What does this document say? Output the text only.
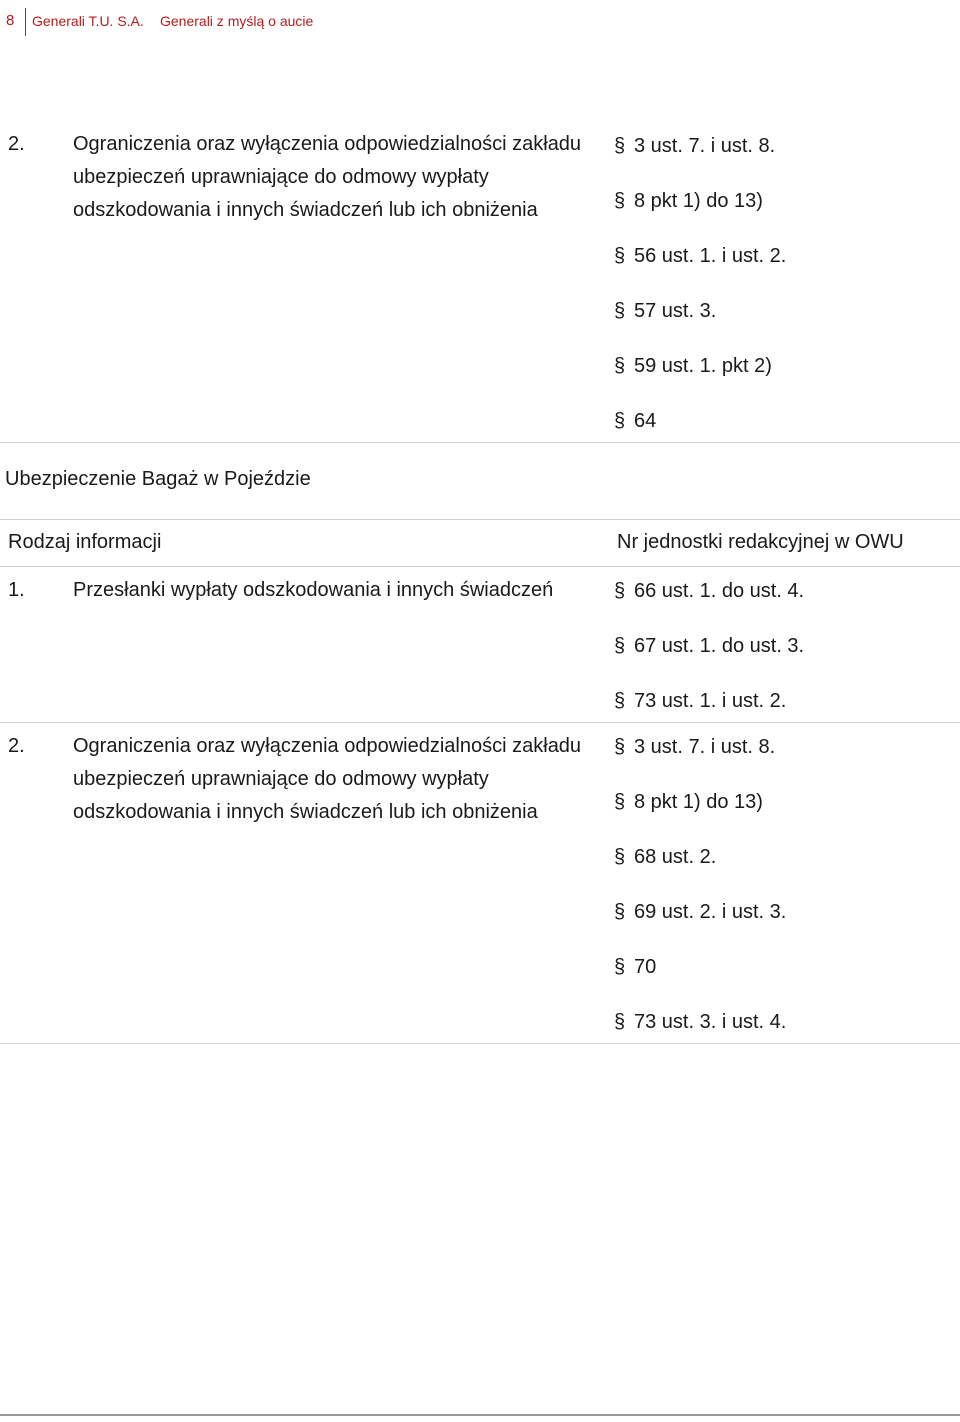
8 Generali T.U. S.A. Generali z myślą o aucie
2. Ograniczenia oraz wyłączenia odpowiedzialności zakładu ubezpieczeń uprawniające do odmowy wypłaty odszkodowania i innych świadczeń lub ich obniżenia
§ 3 ust. 7. i ust. 8.
§ 8 pkt 1) do 13)
§ 56 ust. 1. i ust. 2.
§ 57 ust. 3.
§ 59 ust. 1. pkt 2)
§ 64
Ubezpieczenie Bagaż w Pojeździe
Rodzaj informacji	Nr jednostki redakcyjnej w OWU
1. Przesłanki wypłaty odszkodowania i innych świadczeń	§ 66 ust. 1. do ust. 4.
§ 67 ust. 1. do ust. 3.
§ 73 ust. 1. i ust. 2.
2. Ograniczenia oraz wyłączenia odpowiedzialności zakładu ubezpieczeń uprawniające do odmowy wypłaty odszkodowania i innych świadczeń lub ich obniżenia
§ 3 ust. 7. i ust. 8.
§ 8 pkt 1) do 13)
§ 68 ust. 2.
§ 69 ust. 2. i ust. 3.
§ 70
§ 73 ust. 3. i ust. 4.
